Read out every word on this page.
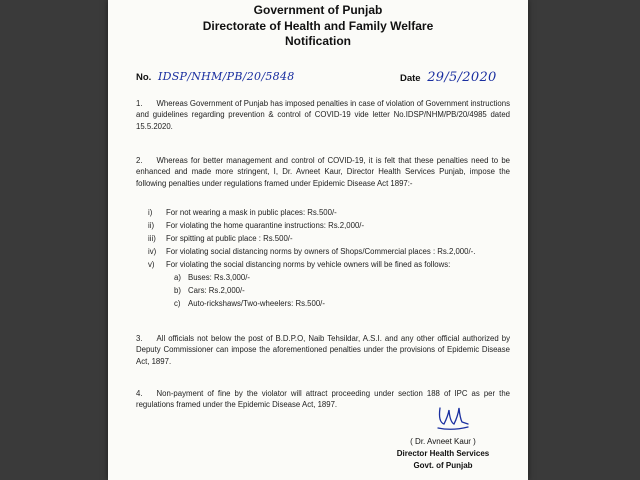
Government of Punjab
Directorate of Health and Family Welfare
Notification
No. IDSP/NHM/PB/20/5848	Date 29/5/2020
1. Whereas Government of Punjab has imposed penalties in case of violation of Government instructions and guidelines regarding prevention & control of COVID-19 vide letter No.IDSP/NHM/PB/20/4985 dated 15.5.2020.
2. Whereas for better management and control of COVID-19, it is felt that these penalties need to be enhanced and made more stringent, I, Dr. Avneet Kaur, Director Health Services Punjab, impose the following penalties under regulations framed under Epidemic Disease Act 1897:-
i) For not wearing a mask in public places: Rs.500/-
ii) For violating the home quarantine instructions: Rs.2,000/-
iii) For spitting at public place : Rs.500/-
iv) For violating social distancing norms by owners of Shops/Commercial places : Rs.2,000/-.
v) For violating the social distancing norms by vehicle owners will be fined as follows:
a) Buses: Rs.3,000/-
b) Cars: Rs.2,000/-
c) Auto-rickshaws/Two-wheelers: Rs.500/-
3. All officials not below the post of B.D.P.O, Naib Tehsildar, A.S.I. and any other official authorized by Deputy Commissioner can impose the aforementioned penalties under the provisions of Epidemic Disease Act, 1897.
4. Non-payment of fine by the violator will attract proceeding under section 188 of IPC as per the regulations framed under the Epidemic Disease Act, 1897.
( Dr. Avneet Kaur )
Director Health Services
Govt. of Punjab
